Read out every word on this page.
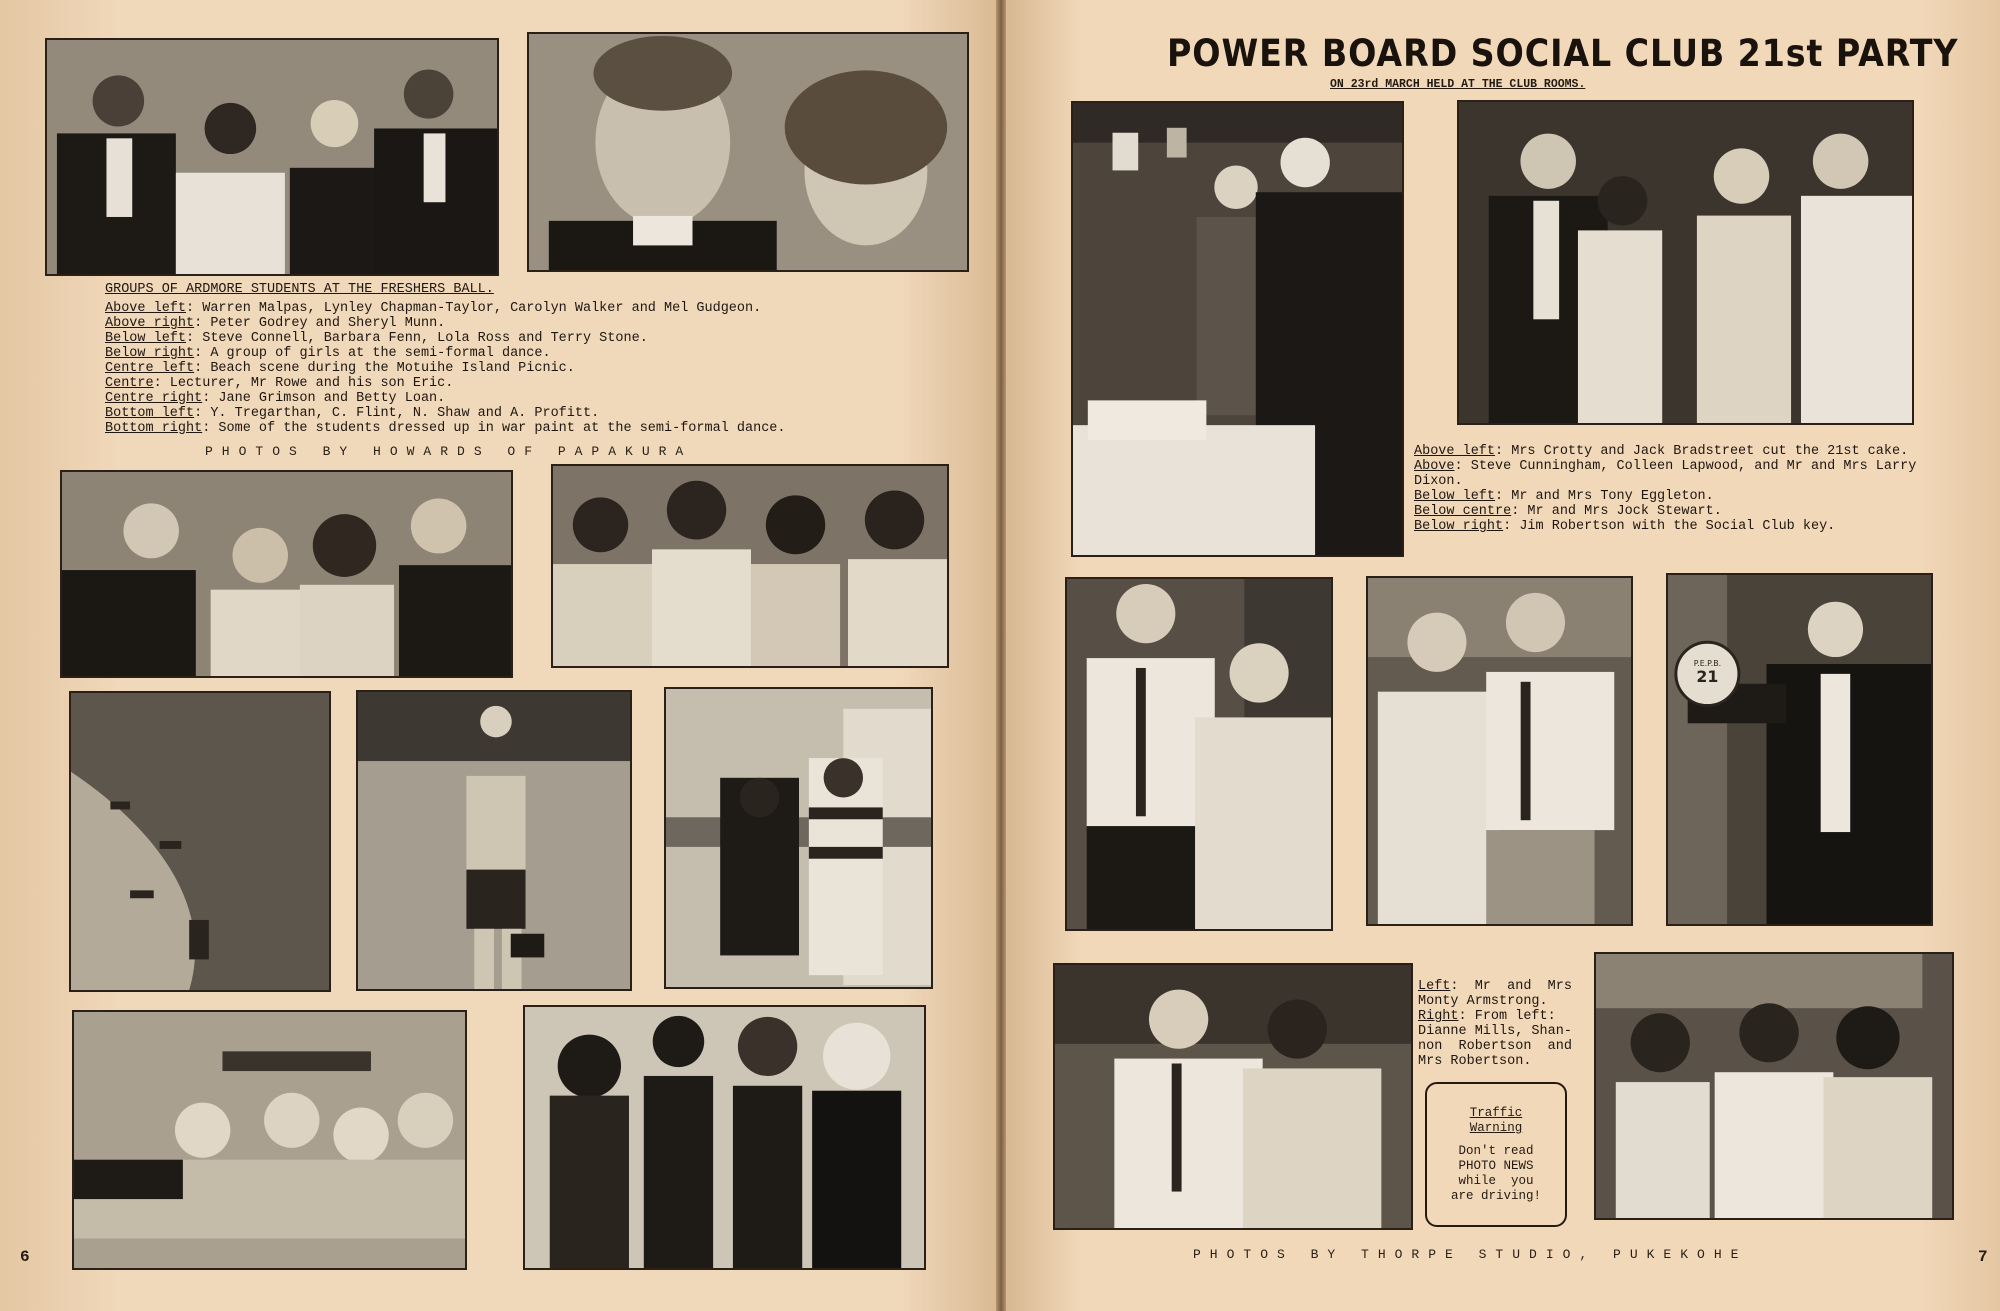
GROUPS OF ARDMORE STUDENTS AT THE FRESHERS BALL.
Above left: Warren Malpas, Lynley Chapman-Taylor, Carolyn Walker and Mel Gudgeon.
Above right: Peter Godrey and Sheryl Munn.
Below left: Steve Connell, Barbara Fenn, Lola Ross and Terry Stone.
Below right: A group of girls at the semi-formal dance.
Centre left: Beach scene during the Motuihe Island Picnic.
Centre: Lecturer, Mr Rowe and his son Eric.
Centre right: Jane Grimson and Betty Loan.
Bottom left: Y. Tregarthan, C. Flint, N. Shaw and A. Profitt.
Bottom right: Some of the students dressed up in war paint at the semi-formal dance.
PHOTOS BY HOWARDS OF PAPAKURA
6
POWER BOARD SOCIAL CLUB 21st PARTY
ON 23rd MARCH HELD AT THE CLUB ROOMS.
Above left: Mrs Crotty and Jack Bradstreet cut the 21st cake.
Above: Steve Cunningham, Colleen Lapwood, and Mr and Mrs Larry
Dixon.
Below left: Mr and Mrs Tony Eggleton.
Below centre: Mr and Mrs Jock Stewart.
Below right: Jim Robertson with the Social Club key.
P.E.P.B.
21
Left:  Mr  and  Mrs
Monty Armstrong.
Right: From left:
Dianne Mills, Shan-
non  Robertson  and
Mrs Robertson.
Traffic
Warning
Don't read
PHOTO NEWS
while  you
are driving!
PHOTOS BY THORPE STUDIO, PUKEKOHE	7
